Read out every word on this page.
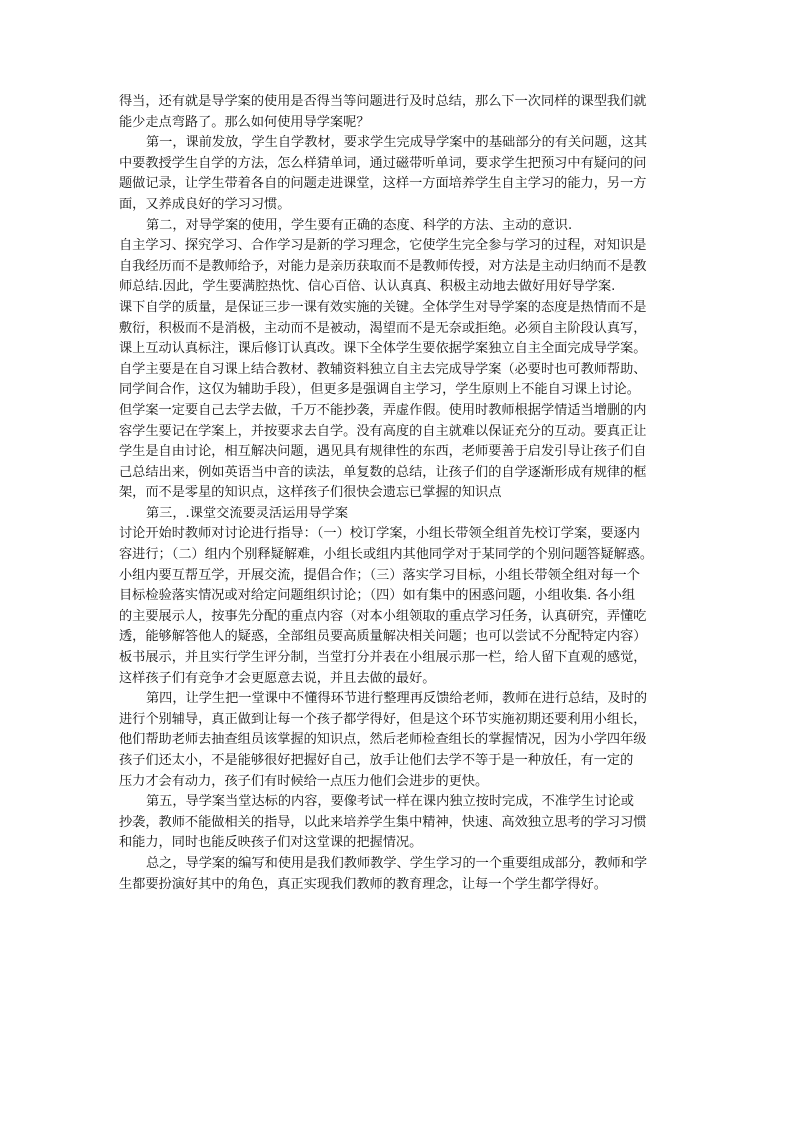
得当，还有就是导学案的使用是否得当等问题进行及时总结，那么下一次同样的课型我们就
能少走点弯路了。那么如何使用导学案呢？
第一，课前发放，学生自学教材，要求学生完成导学案中的基础部分的有关问题，这其
中要教授学生自学的方法，怎么样猜单词，通过磁带听单词，要求学生把预习中有疑问的问
题做记录，让学生带着各自的问题走进课堂，这样一方面培养学生自主学习的能力，另一方
面，又养成良好的学习习惯。
第二，对导学案的使用，学生要有正确的态度、科学的方法、主动的意识.
自主学习、探究学习、合作学习是新的学习理念，它使学生完全参与学习的过程，对知识是
自我经历而不是教师给予，对能力是亲历获取而不是教师传授，对方法是主动归纳而不是教
师总结.因此，学生要满腔热忱、信心百倍、认认真真、积极主动地去做好用好导学案.
课下自学的质量，是保证三步一课有效实施的关键。全体学生对导学案的态度是热情而不是
敷衍，积极而不是消极，主动而不是被动，渴望而不是无奈或拒绝。必须自主阶段认真写，
课上互动认真标注，课后修订认真改。课下全体学生要依据学案独立自主全面完成导学案。
自学主要是在自习课上结合教材、教辅资料独立自主去完成导学案（必要时也可教师帮助、
同学间合作，这仅为辅助手段），但更多是强调自主学习，学生原则上不能自习课上讨论。
但学案一定要自己去学去做，千万不能抄袭，弄虚作假。使用时教师根据学情适当增删的内
容学生要记在学案上，并按要求去自学。没有高度的自主就难以保证充分的互动。要真正让
学生是自由讨论，相互解决问题，遇见具有规律性的东西，老师要善于启发引导让孩子们自
己总结出来，例如英语当中音的读法，单复数的总结，让孩子们的自学逐渐形成有规律的框
架，而不是零星的知识点，这样孩子们很快会遗忘已掌握的知识点
第三，.课堂交流要灵活运用导学案
讨论开始时教师对讨论进行指导：（一）校订学案，小组长带领全组首先校订学案，要逐内
容进行；（二）组内个别释疑解难，小组长或组内其他同学对于某同学的个别问题答疑解惑。
小组内要互帮互学，开展交流，提倡合作；（三）落实学习目标，小组长带领全组对每一个
目标检验落实情况或对给定问题组织讨论；（四）如有集中的困惑问题，小组收集. 各小组
的主要展示人，按事先分配的重点内容（对本小组领取的重点学习任务，认真研究，弄懂吃
透，能够解答他人的疑惑，全部组员要高质量解决相关问题；也可以尝试不分配特定内容）
板书展示，并且实行学生评分制，当堂打分并表在小组展示那一栏，给人留下直观的感觉，
这样孩子们有竞争才会更愿意去说，并且去做的最好。
第四，让学生把一堂课中不懂得环节进行整理再反馈给老师，教师在进行总结，及时的
进行个别辅导，真正做到让每一个孩子都学得好，但是这个环节实施初期还要利用小组长，
他们帮助老师去抽查组员该掌握的知识点，然后老师检查组长的掌握情况，因为小学四年级
孩子们还太小，不是能够很好把握好自己，放手让他们去学不等于是一种放任，有一定的
压力才会有动力，孩子们有时候给一点压力他们会进步的更快。
第五，导学案当堂达标的内容，要像考试一样在课内独立按时完成，不准学生讨论或
抄袭，教师不能做相关的指导，以此来培养学生集中精神，快速、高效独立思考的学习习惯
和能力，同时也能反映孩子们对这堂课的把握情况。
总之，导学案的编写和使用是我们教师教学、学生学习的一个重要组成部分，教师和学
生都要扮演好其中的角色，真正实现我们教师的教育理念，让每一个学生都学得好。
